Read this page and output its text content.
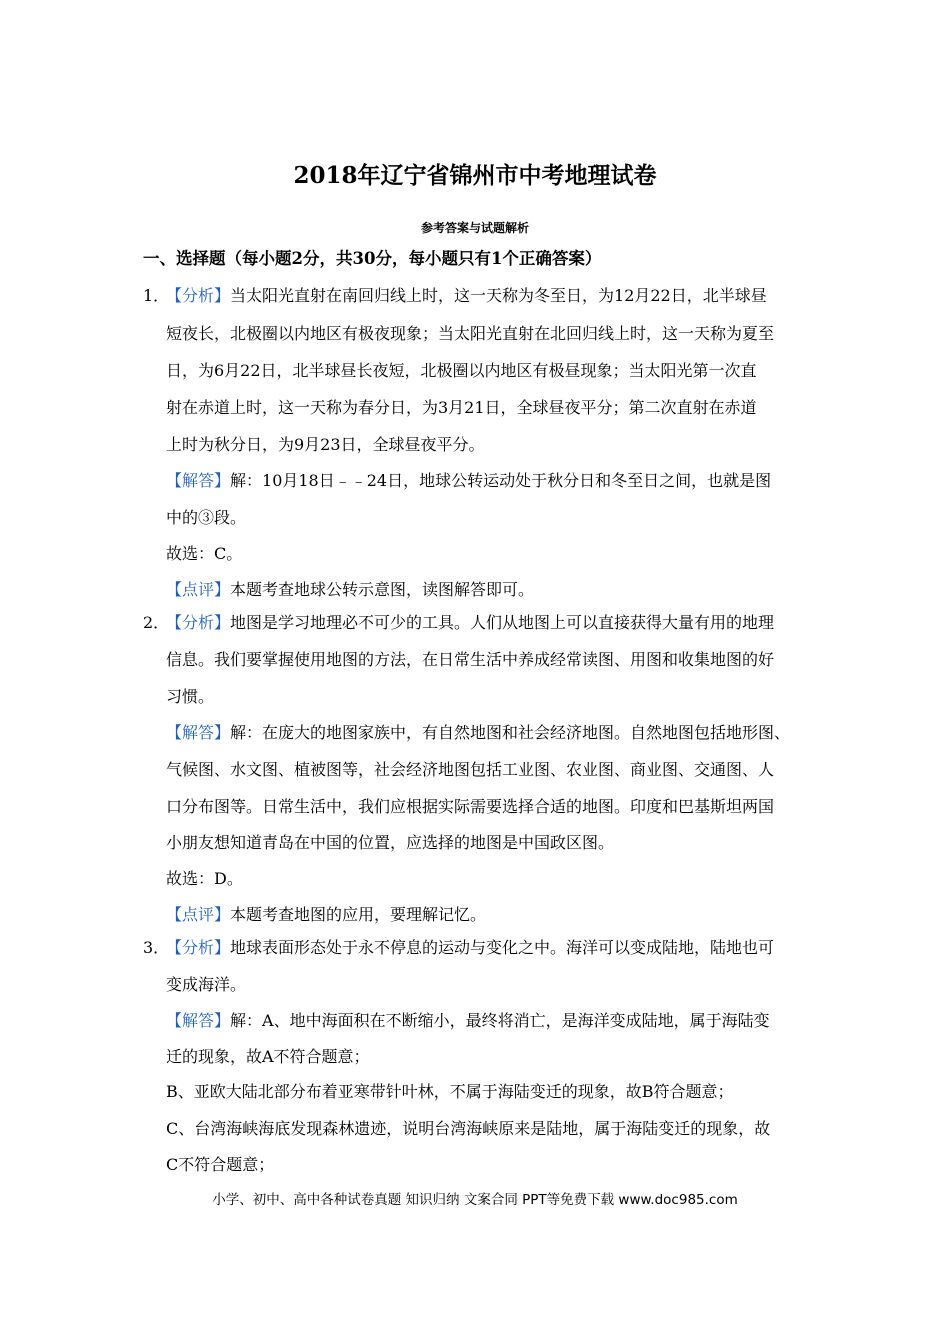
2018年辽宁省锦州市中考地理试卷
参考答案与试题解析
一、选择题（每小题2分，共30分，每小题只有1个正确答案）
1．
【分析】当太阳光直射在南回归线上时，这一天称为冬至日，为12月22日，北半球昼
短夜长，北极圈以内地区有极夜现象；当太阳光直射在北回归线上时，这一天称为夏至
日，为6月22日，北半球昼长夜短，北极圈以内地区有极昼现象；当太阳光第一次直
射在赤道上时，这一天称为春分日，为3月21日，全球昼夜平分；第二次直射在赤道
上时为秋分日，为9月23日，全球昼夜平分。
【解答】解：10月18日﹣﹣24日，地球公转运动处于秋分日和冬至日之间，也就是图
中的③段。
故选：C。
【点评】本题考查地球公转示意图，读图解答即可。
2．
【分析】地图是学习地理必不可少的工具。人们从地图上可以直接获得大量有用的地理
信息。我们要掌握使用地图的方法，在日常生活中养成经常读图、用图和收集地图的好
习惯。
【解答】解：在庞大的地图家族中，有自然地图和社会经济地图。自然地图包括地形图、
气候图、水文图、植被图等，社会经济地图包括工业图、农业图、商业图、交通图、人
口分布图等。日常生活中，我们应根据实际需要选择合适的地图。印度和巴基斯坦两国
小朋友想知道青岛在中国的位置，应选择的地图是中国政区图。
故选：D。
【点评】本题考查地图的应用，要理解记忆。
3．
【分析】地球表面形态处于永不停息的运动与变化之中。海洋可以变成陆地，陆地也可
变成海洋。
【解答】解：A、地中海面积在不断缩小，最终将消亡，是海洋变成陆地，属于海陆变
迁的现象，故A不符合题意；
B、亚欧大陆北部分布着亚寒带针叶林，不属于海陆变迁的现象，故B符合题意；
C、台湾海峡海底发现森林遗迹，说明台湾海峡原来是陆地，属于海陆变迁的现象，故
C不符合题意；
小学、初中、高中各种试卷真题 知识归纳 文案合同 PPT等免费下载 www.doc985.com
